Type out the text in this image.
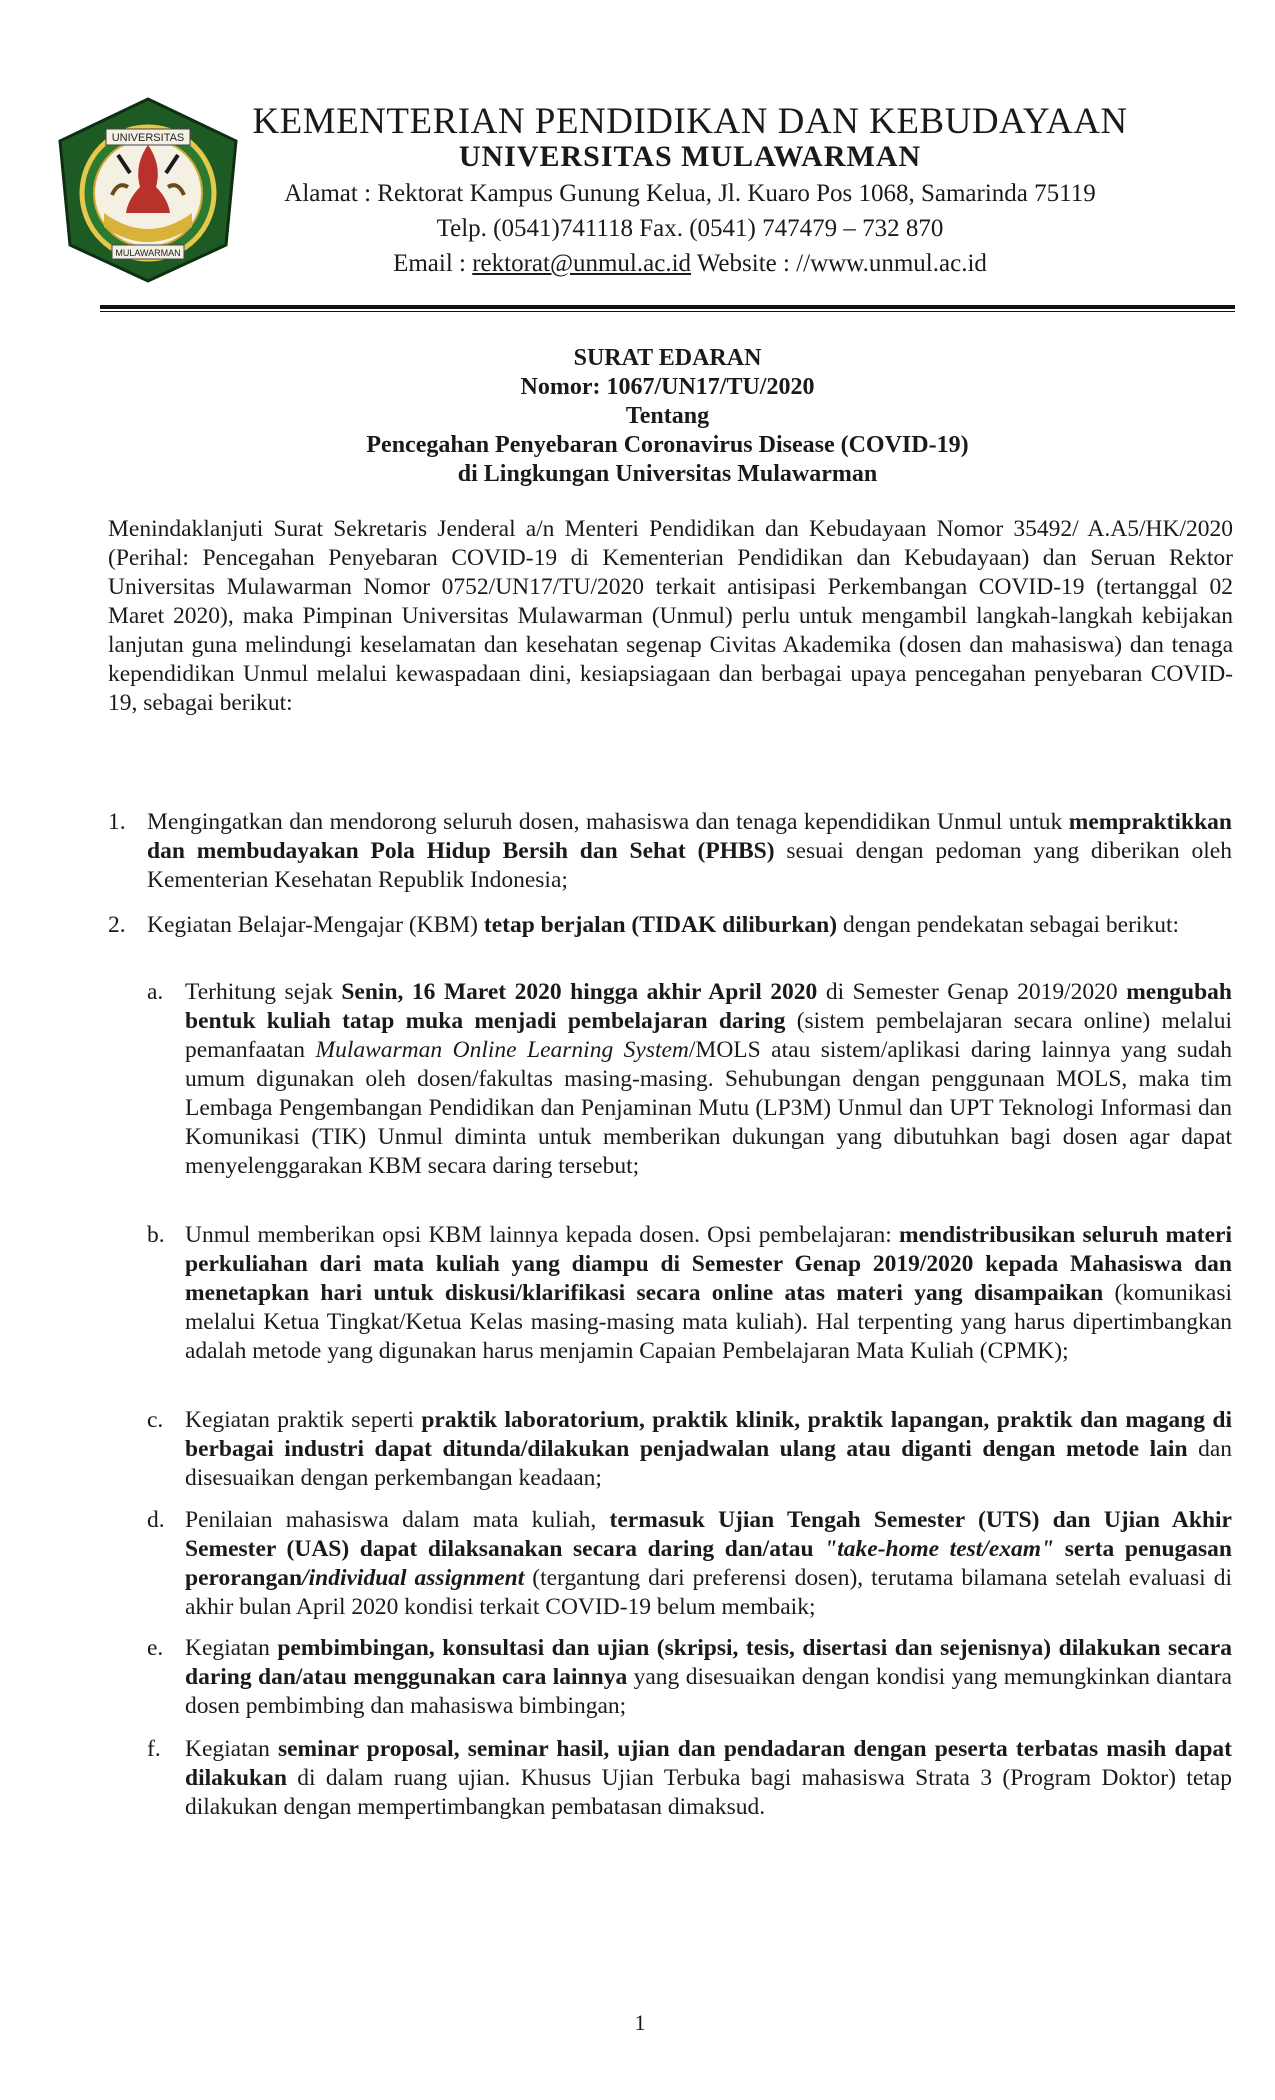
UNIVERSITAS
MULAWARMAN
KEMENTERIAN PENDIDIKAN DAN KEBUDAYAAN
UNIVERSITAS MULAWARMAN
Alamat : Rektorat Kampus Gunung Kelua, Jl. Kuaro Pos 1068, Samarinda 75119
Telp. (0541)741118 Fax. (0541) 747479 – 732 870
Email : rektorat@unmul.ac.id Website : //www.unmul.ac.id
SURAT EDARAN
Nomor: 1067/UN17/TU/2020
Tentang
Pencegahan Penyebaran Coronavirus Disease (COVID-19)
di Lingkungan Universitas Mulawarman
Menindaklanjuti Surat Sekretaris Jenderal a/n Menteri Pendidikan dan Kebudayaan Nomor 35492/ A.A5/HK/2020 (Perihal: Pencegahan Penyebaran COVID-19 di Kementerian Pendidikan dan Kebudayaan) dan Seruan Rektor Universitas Mulawarman Nomor 0752/UN17/TU/2020 terkait antisipasi Perkembangan COVID-19 (tertanggal 02 Maret 2020), maka Pimpinan Universitas Mulawarman (Unmul) perlu untuk mengambil langkah-langkah kebijakan lanjutan guna melindungi keselamatan dan kesehatan segenap Civitas Akademika (dosen dan mahasiswa) dan tenaga kependidikan Unmul melalui kewaspadaan dini, kesiapsiagaan dan berbagai upaya pencegahan penyebaran COVID-19, sebagai berikut:
1. Mengingatkan dan mendorong seluruh dosen, mahasiswa dan tenaga kependidikan Unmul untuk mempraktikkan dan membudayakan Pola Hidup Bersih dan Sehat (PHBS) sesuai dengan pedoman yang diberikan oleh Kementerian Kesehatan Republik Indonesia;
2. Kegiatan Belajar-Mengajar (KBM) tetap berjalan (TIDAK diliburkan) dengan pendekatan sebagai berikut:
a. Terhitung sejak Senin, 16 Maret 2020 hingga akhir April 2020 di Semester Genap 2019/2020 mengubah bentuk kuliah tatap muka menjadi pembelajaran daring (sistem pembelajaran secara online) melalui pemanfaatan Mulawarman Online Learning System/MOLS atau sistem/aplikasi daring lainnya yang sudah umum digunakan oleh dosen/fakultas masing-masing. Sehubungan dengan penggunaan MOLS, maka tim Lembaga Pengembangan Pendidikan dan Penjaminan Mutu (LP3M) Unmul dan UPT Teknologi Informasi dan Komunikasi (TIK) Unmul diminta untuk memberikan dukungan yang dibutuhkan bagi dosen agar dapat menyelenggarakan KBM secara daring tersebut;
b. Unmul memberikan opsi KBM lainnya kepada dosen. Opsi pembelajaran: mendistribusikan seluruh materi perkuliahan dari mata kuliah yang diampu di Semester Genap 2019/2020 kepada Mahasiswa dan menetapkan hari untuk diskusi/klarifikasi secara online atas materi yang disampaikan (komunikasi melalui Ketua Tingkat/Ketua Kelas masing-masing mata kuliah). Hal terpenting yang harus dipertimbangkan adalah metode yang digunakan harus menjamin Capaian Pembelajaran Mata Kuliah (CPMK);
c. Kegiatan praktik seperti praktik laboratorium, praktik klinik, praktik lapangan, praktik dan magang di berbagai industri dapat ditunda/dilakukan penjadwalan ulang atau diganti dengan metode lain dan disesuaikan dengan perkembangan keadaan;
d. Penilaian mahasiswa dalam mata kuliah, termasuk Ujian Tengah Semester (UTS) dan Ujian Akhir Semester (UAS) dapat dilaksanakan secara daring dan/atau "take-home test/exam" serta penugasan perorangan/individual assignment (tergantung dari preferensi dosen), terutama bilamana setelah evaluasi di akhir bulan April 2020 kondisi terkait COVID-19 belum membaik;
e. Kegiatan pembimbingan, konsultasi dan ujian (skripsi, tesis, disertasi dan sejenisnya) dilakukan secara daring dan/atau menggunakan cara lainnya yang disesuaikan dengan kondisi yang memungkinkan diantara dosen pembimbing dan mahasiswa bimbingan;
f. Kegiatan seminar proposal, seminar hasil, ujian dan pendadaran dengan peserta terbatas masih dapat dilakukan di dalam ruang ujian. Khusus Ujian Terbuka bagi mahasiswa Strata 3 (Program Doktor) tetap dilakukan dengan mempertimbangkan pembatasan dimaksud.
1
